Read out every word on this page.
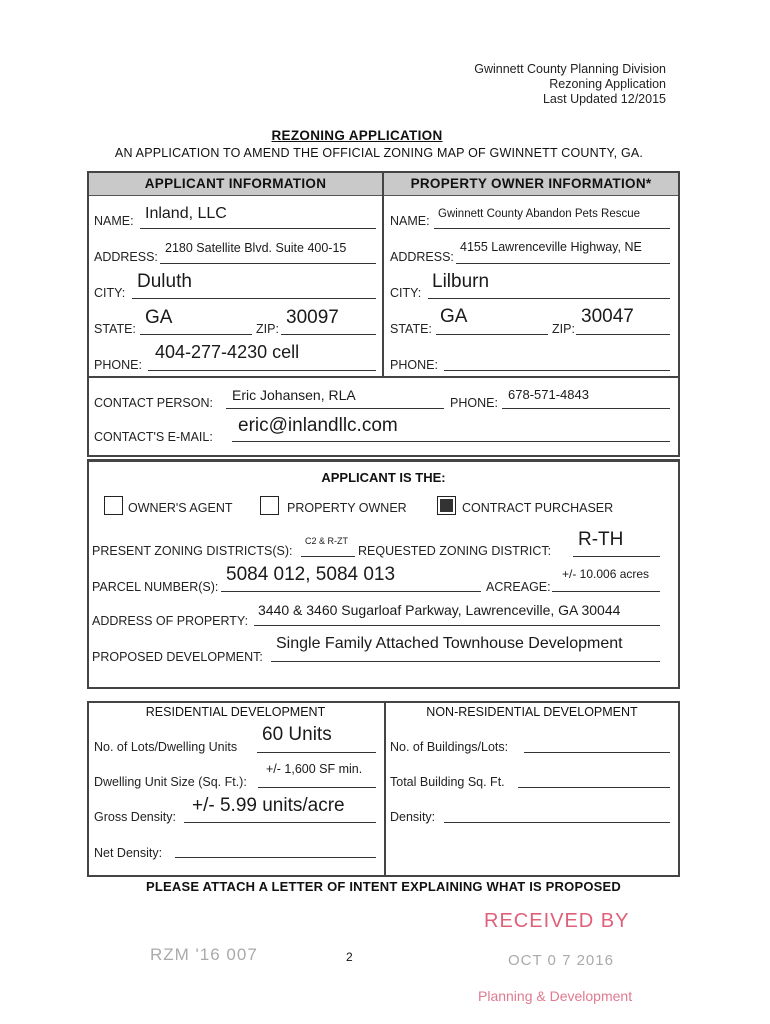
Gwinnett County Planning Division
Rezoning Application
Last Updated 12/2015
REZONING APPLICATION
AN APPLICATION TO AMEND THE OFFICIAL ZONING MAP OF GWINNETT COUNTY, GA.
APPLICANT INFORMATION	PROPERTY OWNER INFORMATION*
NAME: Inland, LLC
ADDRESS:
2180 Satellite Blvd. Suite 400-15
CITY:
Duluth
STATE:
GA
ZIP:
30097
PHONE:
404-277-4230 cell
NAME: Gwinnett County Abandon Pets Rescue
ADDRESS:
4155 Lawrenceville Highway, NE
CITY:
Lilburn
STATE:
GA
ZIP:
30047
PHONE:
CONTACT PERSON: Eric Johansen, RLA	PHONE:
678-571-4843
CONTACT'S E-MAIL:
eric@inlandllc.com
APPLICANT IS THE:
OWNER'S AGENT	PROPERTY OWNER	CONTRACT PURCHASER
PRESENT ZONING DISTRICTS(S):
C2 & R-ZT
REQUESTED ZONING DISTRICT:
R-TH
PARCEL NUMBER(S):
5084 012, 5084 013
ACREAGE:
+/- 10.006 acres
ADDRESS OF PROPERTY:
3440 & 3460 Sugarloaf Parkway, Lawrenceville, GA 30044
PROPOSED DEVELOPMENT:
Single Family Attached Townhouse Development
RESIDENTIAL DEVELOPMENT	NON-RESIDENTIAL DEVELOPMENT
No. of Lots/Dwelling Units
60 Units
Dwelling Unit Size (Sq. Ft.):
+/- 1,600 SF min.
Gross Density:
+/- 5.99 units/acre
Net Density:
No. of Buildings/Lots:
Total Building Sq. Ft.
Density:
PLEASE ATTACH A LETTER OF INTENT EXPLAINING WHAT IS PROPOSED
RECEIVED BY
RZM '16 007	2	OCT 0 7 2016
Planning & Development
